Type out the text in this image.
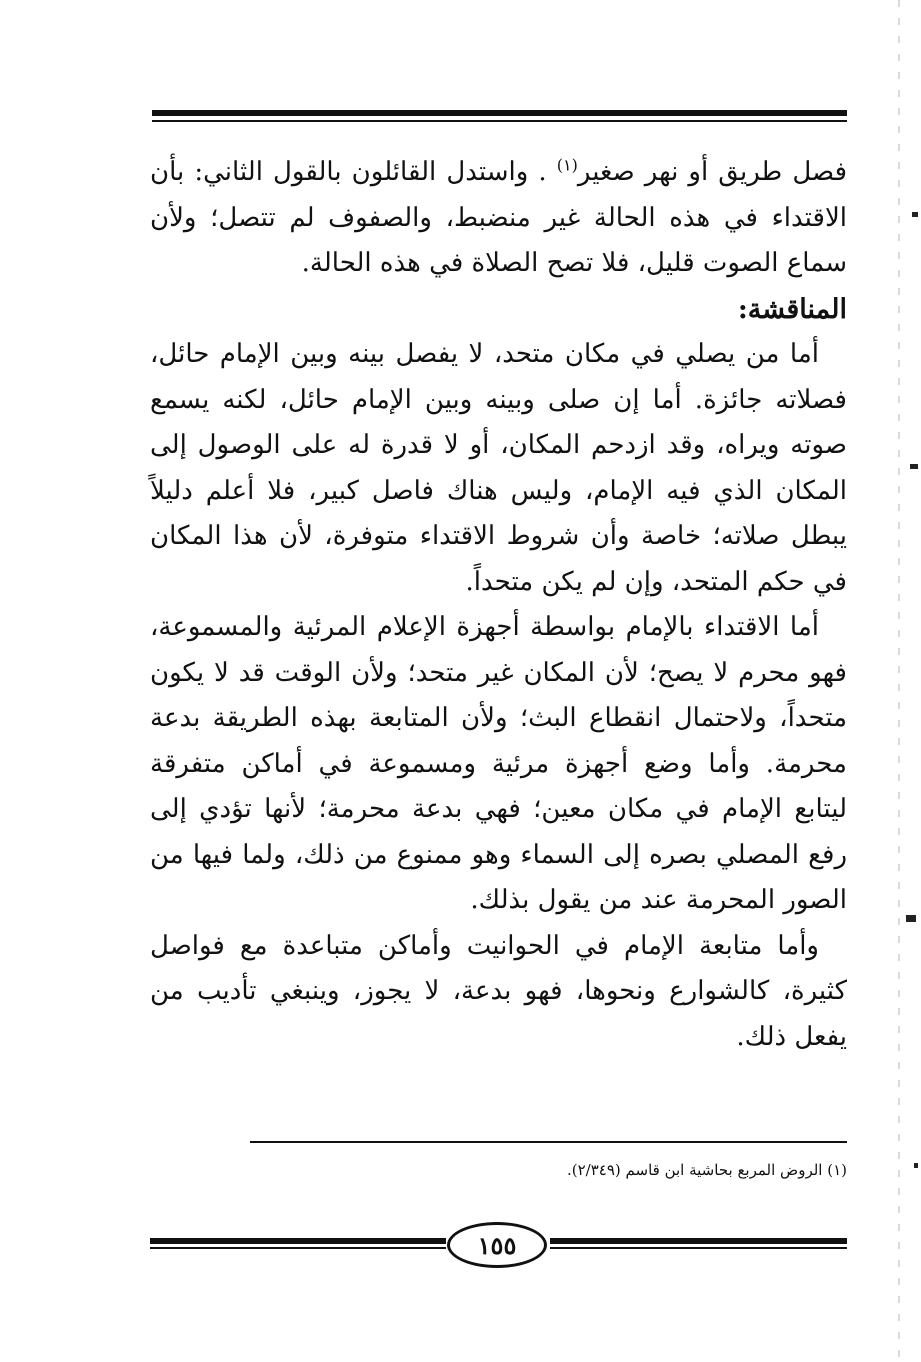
فصل طريق أو نهر صغير$^{(١)}$ . واستدل القائلون بالقول الثاني: بأن الاقتداء في هذه الحالة غير منضبط، والصفوف لم تتصل؛ ولأن سماع الصوت قليل، فلا تصح الصلاة في هذه الحالة.

المناقشة:

أما من يصلي في مكان متحد، لا يفصل بينه وبين الإمام حائل، فصلاته جائزة. أما إن صلى وبينه وبين الإمام حائل، لكنه يسمع صوته ويراه، وقد ازدحم المكان، أو لا قدرة له على الوصول إلى المكان الذي فيه الإمام، وليس هناك فاصل كبير، فلا أعلم دليلاً يبطل صلاته؛ خاصة وأن شروط الاقتداء متوفرة، لأن هذا المكان في حكم المتحد، وإن لم يكن متحداً.

أما الاقتداء بالإمام بواسطة أجهزة الإعلام المرئية والمسموعة، فهو محرم لا يصح؛ لأن المكان غير متحد؛ ولأن الوقت قد لا يكون متحداً، ولاحتمال انقطاع البث؛ ولأن المتابعة بهذه الطريقة بدعة محرمة. وأما وضع أجهزة مرئية ومسموعة في أماكن متفرقة ليتابع الإمام في مكان معين؛ فهي بدعة محرمة؛ لأنها تؤدي إلى رفع المصلي بصره إلى السماء وهو ممنوع من ذلك، ولما فيها من الصور المحرمة عند من يقول بذلك.

وأما متابعة الإمام في الحوانيت وأماكن متباعدة مع فواصل كثيرة، كالشوارع ونحوها، فهو بدعة، لا يجوز، وينبغي تأديب من يفعل ذلك.

(١) الروض المربع بحاشية ابن قاسم (٢/٣٤٩).
١٥٥
